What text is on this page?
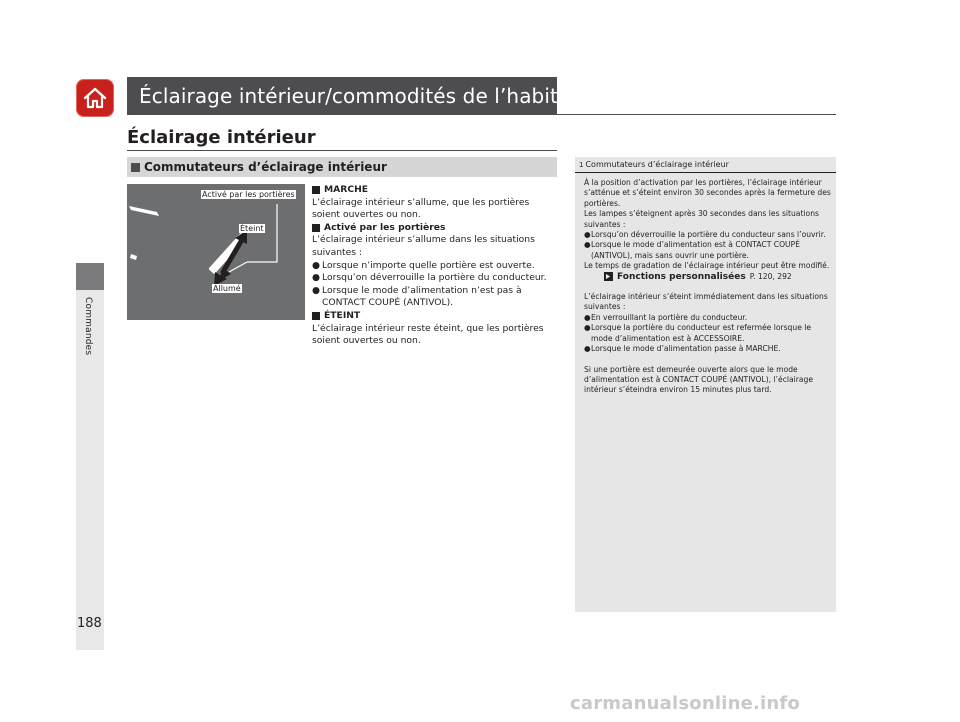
Éclairage intérieur/commodités de l’habitacle
Commandes
188
Éclairage intérieur
Commutateurs d’éclairage intérieur
Activé par les portières
Éteint
Allumé
MARCHE

L’éclairage intérieur s’allume, que les portières soient ouvertes ou non.

Activé par les portières

L’éclairage intérieur s’allume dans les situations suivantes :

● Lorsque n’importe quelle portière est ouverte.
● Lorsqu’on déverrouille la portière du conducteur.
● Lorsque le mode d’alimentation n’est pas à CONTACT COUPÉ (ANTIVOL).
ÉTEINT

L’éclairage intérieur reste éteint, que les portières soient ouvertes ou non.

1 Commutateurs d’éclairage intérieur

À la position d’activation par les portières, l’éclairage intérieur s’atténue et s’éteint environ 30 secondes après la fermeture des portières.

Les lampes s’éteignent après 30 secondes dans les situations suivantes :

● Lorsqu’on déverrouille la portière du conducteur sans l’ouvrir.
● Lorsque le mode d’alimentation est à CONTACT COUPÉ (ANTIVOL), mais sans ouvrir une portière.

Le temps de gradation de l’éclairage intérieur peut être modifié.

Fonctions personnalisées P. 120, 292

L’éclairage intérieur s’éteint immédiatement dans les situations suivantes :

● En verrouillant la portière du conducteur.
● Lorsque la portière du conducteur est refermée lorsque le mode d’alimentation est à ACCESSOIRE.
● Lorsque le mode d’alimentation passe à MARCHE.

Si une portière est demeurée ouverte alors que le mode d’alimentation est à CONTACT COUPÉ (ANTIVOL), l’éclairage intérieur s’éteindra environ 15 minutes plus tard.

carmanualsonline.info
